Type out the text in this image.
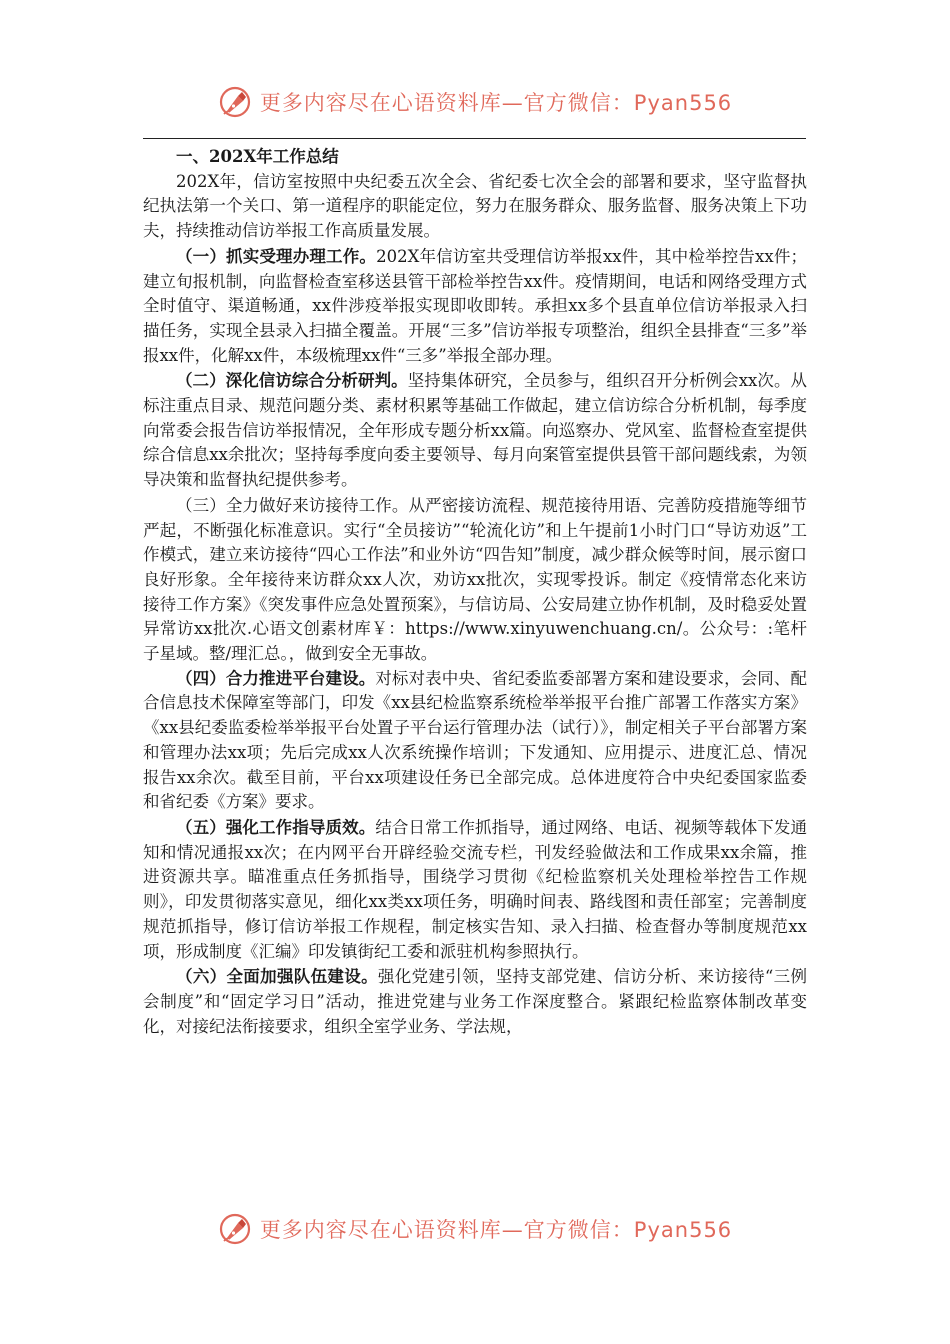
更多内容尽在心语资料库—官方微信：Pyan556
一、202X年工作总结

202X年，信访室按照中央纪委五次全会、省纪委七次全会的部署和要求，坚守监督执纪执法第一个关口、第一道程序的职能定位，努力在服务群众、服务监督、服务决策上下功夫，持续推动信访举报工作高质量发展。

（一）抓实受理办理工作。202X年信访室共受理信访举报xx件，其中检举控告xx件；建立旬报机制，向监督检查室移送县管干部检举控告xx件。疫情期间，电话和网络受理方式全时值守、渠道畅通，xx件涉疫举报实现即收即转。承担xx多个县直单位信访举报录入扫描任务，实现全县录入扫描全覆盖。开展“三多”信访举报专项整治，组织全县排查“三多”举报xx件，化解xx件，本级梳理xx件“三多”举报全部办理。

（二）深化信访综合分析研判。坚持集体研究，全员参与，组织召开分析例会xx次。从标注重点目录、规范问题分类、素材积累等基础工作做起，建立信访综合分析机制，每季度向常委会报告信访举报情况，全年形成专题分析xx篇。向巡察办、党风室、监督检查室提供综合信息xx余批次；坚持每季度向委主要领导、每月向案管室提供县管干部问题线索，为领导决策和监督执纪提供参考。

（三）全力做好来访接待工作。从严密接访流程、规范接待用语、完善防疫措施等细节严起，不断强化标准意识。实行“全员接访”“轮流化访”和上午提前1小时门口“导访劝返”工作模式，建立来访接待“四心工作法”和业外访“四告知”制度，减少群众候等时间，展示窗口良好形象。全年接待来访群众xx人次，劝访xx批次，实现零投诉。制定《疫情常态化来访接待工作方案》《突发事件应急处置预案》，与信访局、公安局建立协作机制，及时稳妥处置异常访xx批次.心语文创素材库￥：https://www.xinyuwenchuang.cn/。公众号：:笔杆子星域。整/理汇总。，做到安全无事故。

（四）合力推进平台建设。对标对表中央、省纪委监委部署方案和建设要求，会同、配合信息技术保障室等部门，印发《xx县纪检监察系统检举举报平台推广部署工作落实方案》《xx县纪委监委检举举报平台处置子平台运行管理办法（试行）》，制定相关子平台部署方案和管理办法xx项；先后完成xx人次系统操作培训；下发通知、应用提示、进度汇总、情况报告xx余次。截至目前，平台xx项建设任务已全部完成。总体进度符合中央纪委国家监委和省纪委《方案》要求。

（五）强化工作指导质效。结合日常工作抓指导，通过网络、电话、视频等载体下发通知和情况通报xx次；在内网平台开辟经验交流专栏，刊发经验做法和工作成果xx余篇，推进资源共享。瞄准重点任务抓指导，围绕学习贯彻《纪检监察机关处理检举控告工作规则》，印发贯彻落实意见，细化xx类xx项任务，明确时间表、路线图和责任部室；完善制度规范抓指导，修订信访举报工作规程，制定核实告知、录入扫描、检查督办等制度规范xx项，形成制度《汇编》印发镇街纪工委和派驻机构参照执行。

（六）全面加强队伍建设。强化党建引领，坚持支部党建、信访分析、来访接待“三例会制度”和“固定学习日”活动，推进党建与业务工作深度整合。紧跟纪检监察体制改革变化，对接纪法衔接要求，组织全室学业务、学法规，

更多内容尽在心语资料库—官方微信：Pyan556
